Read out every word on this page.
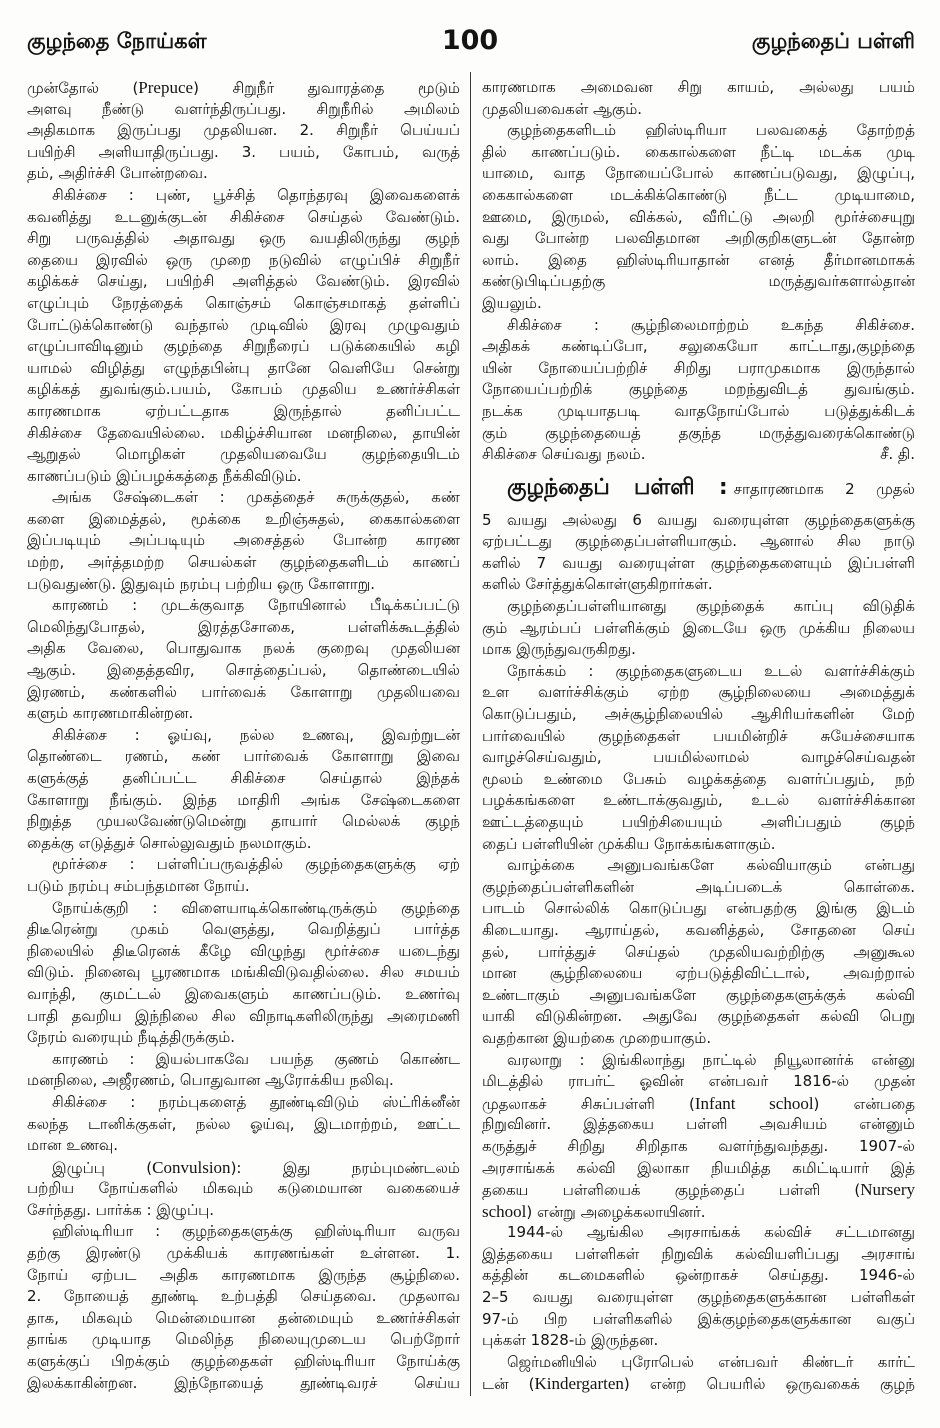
குழந்தை நோய்கள்	100	குழந்தைப் பள்ளி
முன்தோல் (Prepuce) சிறுநீர் துவாரத்தை மூடும்
அளவு நீண்டு வளர்ந்திருப்பது. சிறுநீரில் அமிலம்
அதிகமாக இருப்பது முதலியன. 2. சிறுநீர் பெய்யப்
பயிற்சி அளியாதிருப்பது. 3. பயம், கோபம், வருத்
தம், அதிர்ச்சி போன்றவை.
சிகிச்சை : புண், பூச்சித் தொந்தரவு இவைகளைக்
கவனித்து உடனுக்குடன் சிகிச்சை செய்தல் வேண்டும்.
சிறு பருவத்தில் அதாவது ஒரு வயதிலிருந்து குழந்
தையை இரவில் ஒரு முறை நடுவில் எழுப்பிச் சிறுநீர்
கழிக்கச் செய்து, பயிற்சி அளித்தல் வேண்டும். இரவில்
எழுப்பும் நேரத்தைக் கொஞ்சம் கொஞ்சமாகத் தள்ளிப்
போட்டுக்கொண்டு வந்தால் முடிவில் இரவு முழுவதும்
எழுப்பாவிடினும் குழந்தை சிறுநீரைப் படுக்கையில் கழி
யாமல் விழித்து எழுந்தபின்பு தானே வெளியே சென்று
கழிக்கத் துவங்கும்.பயம், கோபம் முதலிய உணர்ச்சிகள்
காரணமாக ஏற்பட்டதாக இருந்தால் தனிப்பட்ட
சிகிச்சை தேவையில்லை. மகிழ்ச்சியான மனநிலை, தாயின்
ஆறுதல் மொழிகள் முதலியவையே குழந்தையிடம்
காணப்படும் இப்பழக்கத்தை நீக்கிவிடும்.
அங்க சேஷ்டைகள் : முகத்தைச் சுருக்குதல், கண்
களை இமைத்தல், மூக்கை உறிஞ்சுதல், கைகால்களை
இப்படியும் அப்படியும் அசைத்தல் போன்ற காரண
மற்ற, அர்த்தமற்ற செயல்கள் குழந்தைகளிடம் காணப்
படுவதுண்டு. இதுவும் நரம்பு பற்றிய ஒரு கோளாறு.
காரணம் : முடக்குவாத நோயினால் பீடிக்கப்பட்டு
மெலிந்துபோதல், இரத்தசோகை, பள்ளிக்கூடத்தில்
அதிக வேலை, பொதுவாக நலக் குறைவு முதலியன
ஆகும். இதைத்தவிர, சொத்தைப்பல், தொண்டையில்
இரணம், கண்களில் பார்வைக் கோளாறு முதலியவை
களும் காரணமாகின்றன.
சிகிச்சை : ஓய்வு, நல்ல உணவு, இவற்றுடன்
தொண்டை ரணம், கண் பார்வைக் கோளாறு இவை
களுக்குத் தனிப்பட்ட சிகிச்சை செய்தால் இந்தக்
கோளாறு நீங்கும். இந்த மாதிரி அங்க சேஷ்டைகளை
நிறுத்த முயலவேண்டுமென்று தாயார் மெல்லக் குழந்
தைக்கு எடுத்துச் சொல்லுவதும் நலமாகும்.
மூர்ச்சை : பள்ளிப்பருவத்தில் குழந்தைகளுக்கு ஏற்
படும் நரம்பு சம்பந்தமான நோய்.
நோய்க்குறி : விளையாடிக்கொண்டிருக்கும் குழந்தை
திடீரென்று முகம் வெளுத்து, வெறித்துப் பார்த்த
நிலையில் திடீரெனக் கீழே விழுந்து மூர்ச்சை யடைந்து
விடும். நினைவு பூரணமாக மங்கிவிடுவதில்லை. சில சமயம்
வாந்தி, குமட்டல் இவைகளும் காணப்படும். உணர்வு
பாதி தவறிய இந்நிலை சில விநாடிகளிலிருந்து அரைமணி
நேரம் வரையும் நீடித்திருக்கும்.
காரணம் : இயல்பாகவே பயந்த குணம் கொண்ட
மனநிலை, அஜீரணம், பொதுவான ஆரோக்கிய நலிவு.
சிகிச்சை : நரம்புகளைத் தூண்டிவிடும் ஸ்ட்ரிக்னீன்
கலந்த டானிக்குகள், நல்ல ஓய்வு, இடமாற்றம், ஊட்ட
மான உணவு.
இழுப்பு (Convulsion): இது நரம்புமண்டலம்
பற்றிய நோய்களில் மிகவும் கடுமையான வகையைச்
சேர்ந்தது. பார்க்க : இழுப்பு.
ஹிஸ்டிரியா : குழந்தைகளுக்கு ஹிஸ்டிரியா வருவ
தற்கு இரண்டு முக்கியக் காரணங்கள் உள்ளன. 1.
நோய் ஏற்பட அதிக காரணமாக இருந்த சூழ்நிலை.
2. நோயைத் தூண்டி உற்பத்தி செய்தவை. முதலாவ
தாக, மிகவும் மென்மையான தன்மையும் உணர்ச்சிகள்
தாங்க முடியாத மெலிந்த நிலையுமுடைய பெற்றோர்
களுக்குப் பிறக்கும் குழந்தைகள் ஹிஸ்டிரியா நோய்க்கு
இலக்காகின்றன. இந்நோயைத் தூண்டிவரச் செய்ய
காரணமாக அமைவன சிறு காயம், அல்லது பயம்
முதலியவைகள் ஆகும்.
குழந்தைகளிடம் ஹிஸ்டிரியா பலவகைத் தோற்றத்
தில் காணப்படும். கைகால்களை நீட்டி மடக்க முடி
யாமை, வாத நோயைப்போல் காணப்படுவது, இழுப்பு,
கைகால்களை மடக்கிக்கொண்டு நீட்ட முடியாமை,
ஊமை, இருமல், விக்கல், வீரிட்டு அலறி மூர்ச்சையுறு
வது போன்ற பலவிதமான அறிகுறிகளுடன் தோன்ற
லாம். இதை ஹிஸ்டிரியாதான் எனத் தீர்மானமாகக்
கண்டுபிடிப்பதற்கு மருத்துவர்களால்தான்
இயலும்.
சிகிச்சை : சூழ்நிலைமாற்றம் உகந்த சிகிச்சை.
அதிகக் கண்டிப்போ, சலுகையோ காட்டாது,குழந்தை
யின் நோயைப்பற்றிச் சிறிது பராமுகமாக இருந்தால்
நோயைப்பற்றிக் குழந்தை மறந்துவிடத் துவங்கும்.
நடக்க முடியாதபடி வாதநோய்போல் படுத்துக்கிடக்
கும் குழந்தையைத் தகுந்த மருத்துவரைக்கொண்டு
சிகிச்சை செய்வது நலம்.	சீ. தி.
குழந்தைப் பள்ளி : சாதாரணமாக 2 முதல்
5 வயது அல்லது 6 வயது வரையுள்ள குழந்தைகளுக்கு
ஏற்பட்டது குழந்தைப்பள்ளியாகும். ஆனால் சில நாடு
களில் 7 வயது வரையுள்ள குழந்தைகளையும் இப்பள்ளி
களில் சேர்த்துக்கொள்ளுகிறார்கள்.
குழந்தைப்பள்ளியானது குழந்தைக் காப்பு விடுதிக்
கும் ஆரம்பப் பள்ளிக்கும் இடையே ஒரு முக்கிய நிலைய
மாக இருந்துவருகிறது.
நோக்கம் : குழந்தைகளுடைய உடல் வளர்ச்சிக்கும்
உள வளர்ச்சிக்கும் ஏற்ற சூழ்நிலையை அமைத்துக்
கொடுப்பதும், அச்சூழ்நிலையில் ஆசிரியர்களின் மேற்
பார்வையில் குழந்தைகள் பயமின்றிச் சுயேச்சையாக
வாழச்செய்வதும், பயமில்லாமல் வாழச்செய்வதன்
மூலம் உண்மை பேசும் வழக்கத்தை வளர்ப்பதும், நற்
பழக்கங்களை உண்டாக்குவதும், உடல் வளர்ச்சிக்கான
ஊட்டத்தையும் பயிற்சியையும் அளிப்பதும் குழந்
தைப் பள்ளியின் முக்கிய நோக்கங்களாகும்.
வாழ்க்கை அனுபவங்களே கல்வியாகும் என்பது
குழந்தைப்பள்ளிகளின் அடிப்படைக் கொள்கை.
பாடம் சொல்லிக் கொடுப்பது என்பதற்கு இங்கு இடம்
கிடையாது. ஆராய்தல், கவனித்தல், சோதனை செய்
தல், பார்த்துச் செய்தல் முதலியவற்றிற்கு அனுகூல
மான சூழ்நிலையை ஏற்படுத்திவிட்டால், அவற்றால்
உண்டாகும் அனுபவங்களே குழந்தைகளுக்குக் கல்வி
யாகி விடுகின்றன. அதுவே குழந்தைகள் கல்வி பெறு
வதற்கான இயற்கை முறையாகும்.
வரலாறு : இங்கிலாந்து நாட்டில் நியூலானர்க் என்னு
மிடத்தில் ராபர்ட் ஓவின் என்பவர் 1816-ல் முதன்
முதலாகச் சிசுப்பள்ளி (Infant school) என்பதை
நிறுவினர். இத்தகைய பள்ளி அவசியம் என்னும்
கருத்துச் சிறிது சிறிதாக வளர்ந்துவந்தது. 1907-ல்
அரசாங்கக் கல்வி இலாகா நியமித்த கமிட்டியார் இத்
தகைய பள்ளியைக் குழந்தைப் பள்ளி (Nursery
school) என்று அழைக்கலாயினர்.
1944-ல் ஆங்கில அரசாங்கக் கல்விச் சட்டமானது
இத்தகைய பள்ளிகள் நிறுவிக் கல்வியளிப்பது அரசாங்
கத்தின் கடமைகளில் ஒன்றாகச் செய்தது. 1946-ல்
2–5 வயது வரையுள்ள குழந்தைகளுக்கான பள்ளிகள்
97-ம் பிற பள்ளிகளில் இக்குழந்தைகளுக்கான வகுப்
புக்கள் 1828-ம் இருந்தன.
ஜெர்மனியில் புரோபெல் என்பவர் கிண்டர் கார்ட்
டன் (Kindergarten) என்ற பெயரில் ஒருவகைக் குழந்
